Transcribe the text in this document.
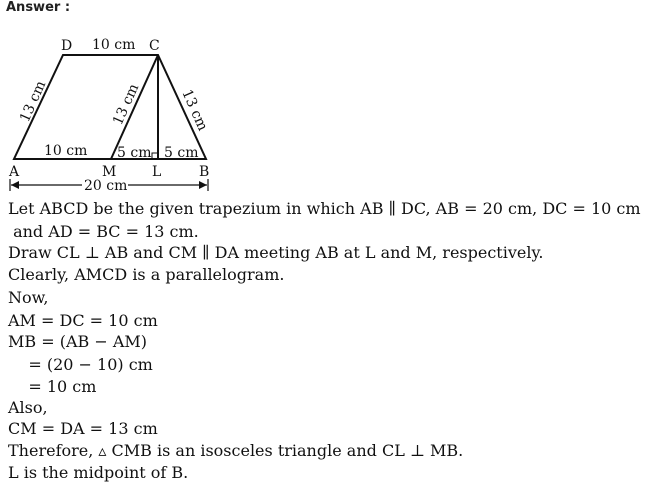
Answer :
D	C
A	B
M	L
10 cm
13 cm	13 cm	13 cm
10 cm 5 cm 5 cm
20 cm
Let ABCD be the given trapezium in which AB ∥ DC, AB = 20 cm, DC = 10 cm
and AD = BC = 13 cm.
Draw CL ⊥ AB and CM ∥ DA meeting AB at L and M, respectively.
Clearly, AMCD is a parallelogram.
Now,
AM = DC = 10 cm
MB = (AB − AM)
= (20 − 10) cm
= 10 cm
Also,
CM = DA = 13 cm
Therefore, ▵ CMB is an isosceles triangle and CL ⊥ MB.
L is the midpoint of B.
